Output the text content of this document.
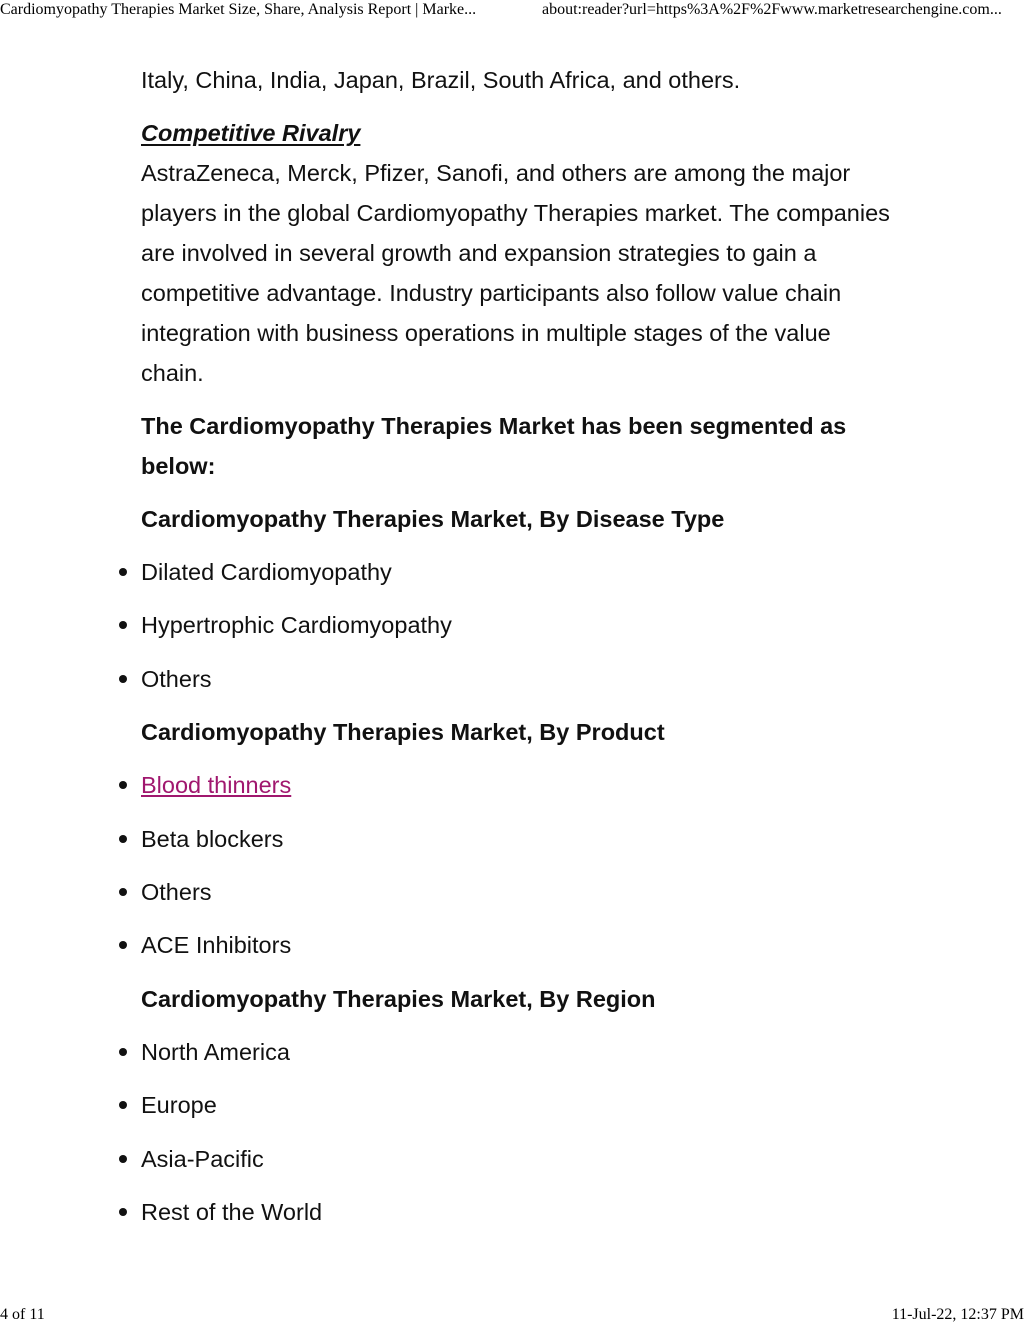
Cardiomyopathy Therapies Market Size, Share, Analysis Report | Marke...	about:reader?url=https%3A%2F%2Fwww.marketresearchengine.com...

Italy, China, India, Japan, Brazil, South Africa, and others.

Competitive Rivalry

AstraZeneca, Merck, Pfizer, Sanofi, and others are among the major players in the global Cardiomyopathy Therapies market. The companies are involved in several growth and expansion strategies to gain a competitive advantage. Industry participants also follow value chain integration with business operations in multiple stages of the value chain.

The Cardiomyopathy Therapies Market has been segmented as below:
Cardiomyopathy Therapies Market, By Disease Type
Dilated Cardiomyopathy
Hypertrophic Cardiomyopathy
Others
Cardiomyopathy Therapies Market, By Product
Blood thinners
Beta blockers
Others
ACE Inhibitors
Cardiomyopathy Therapies Market, By Region
North America
Europe
Asia-Pacific
Rest of the World
4 of 11	11-Jul-22, 12:37 PM
